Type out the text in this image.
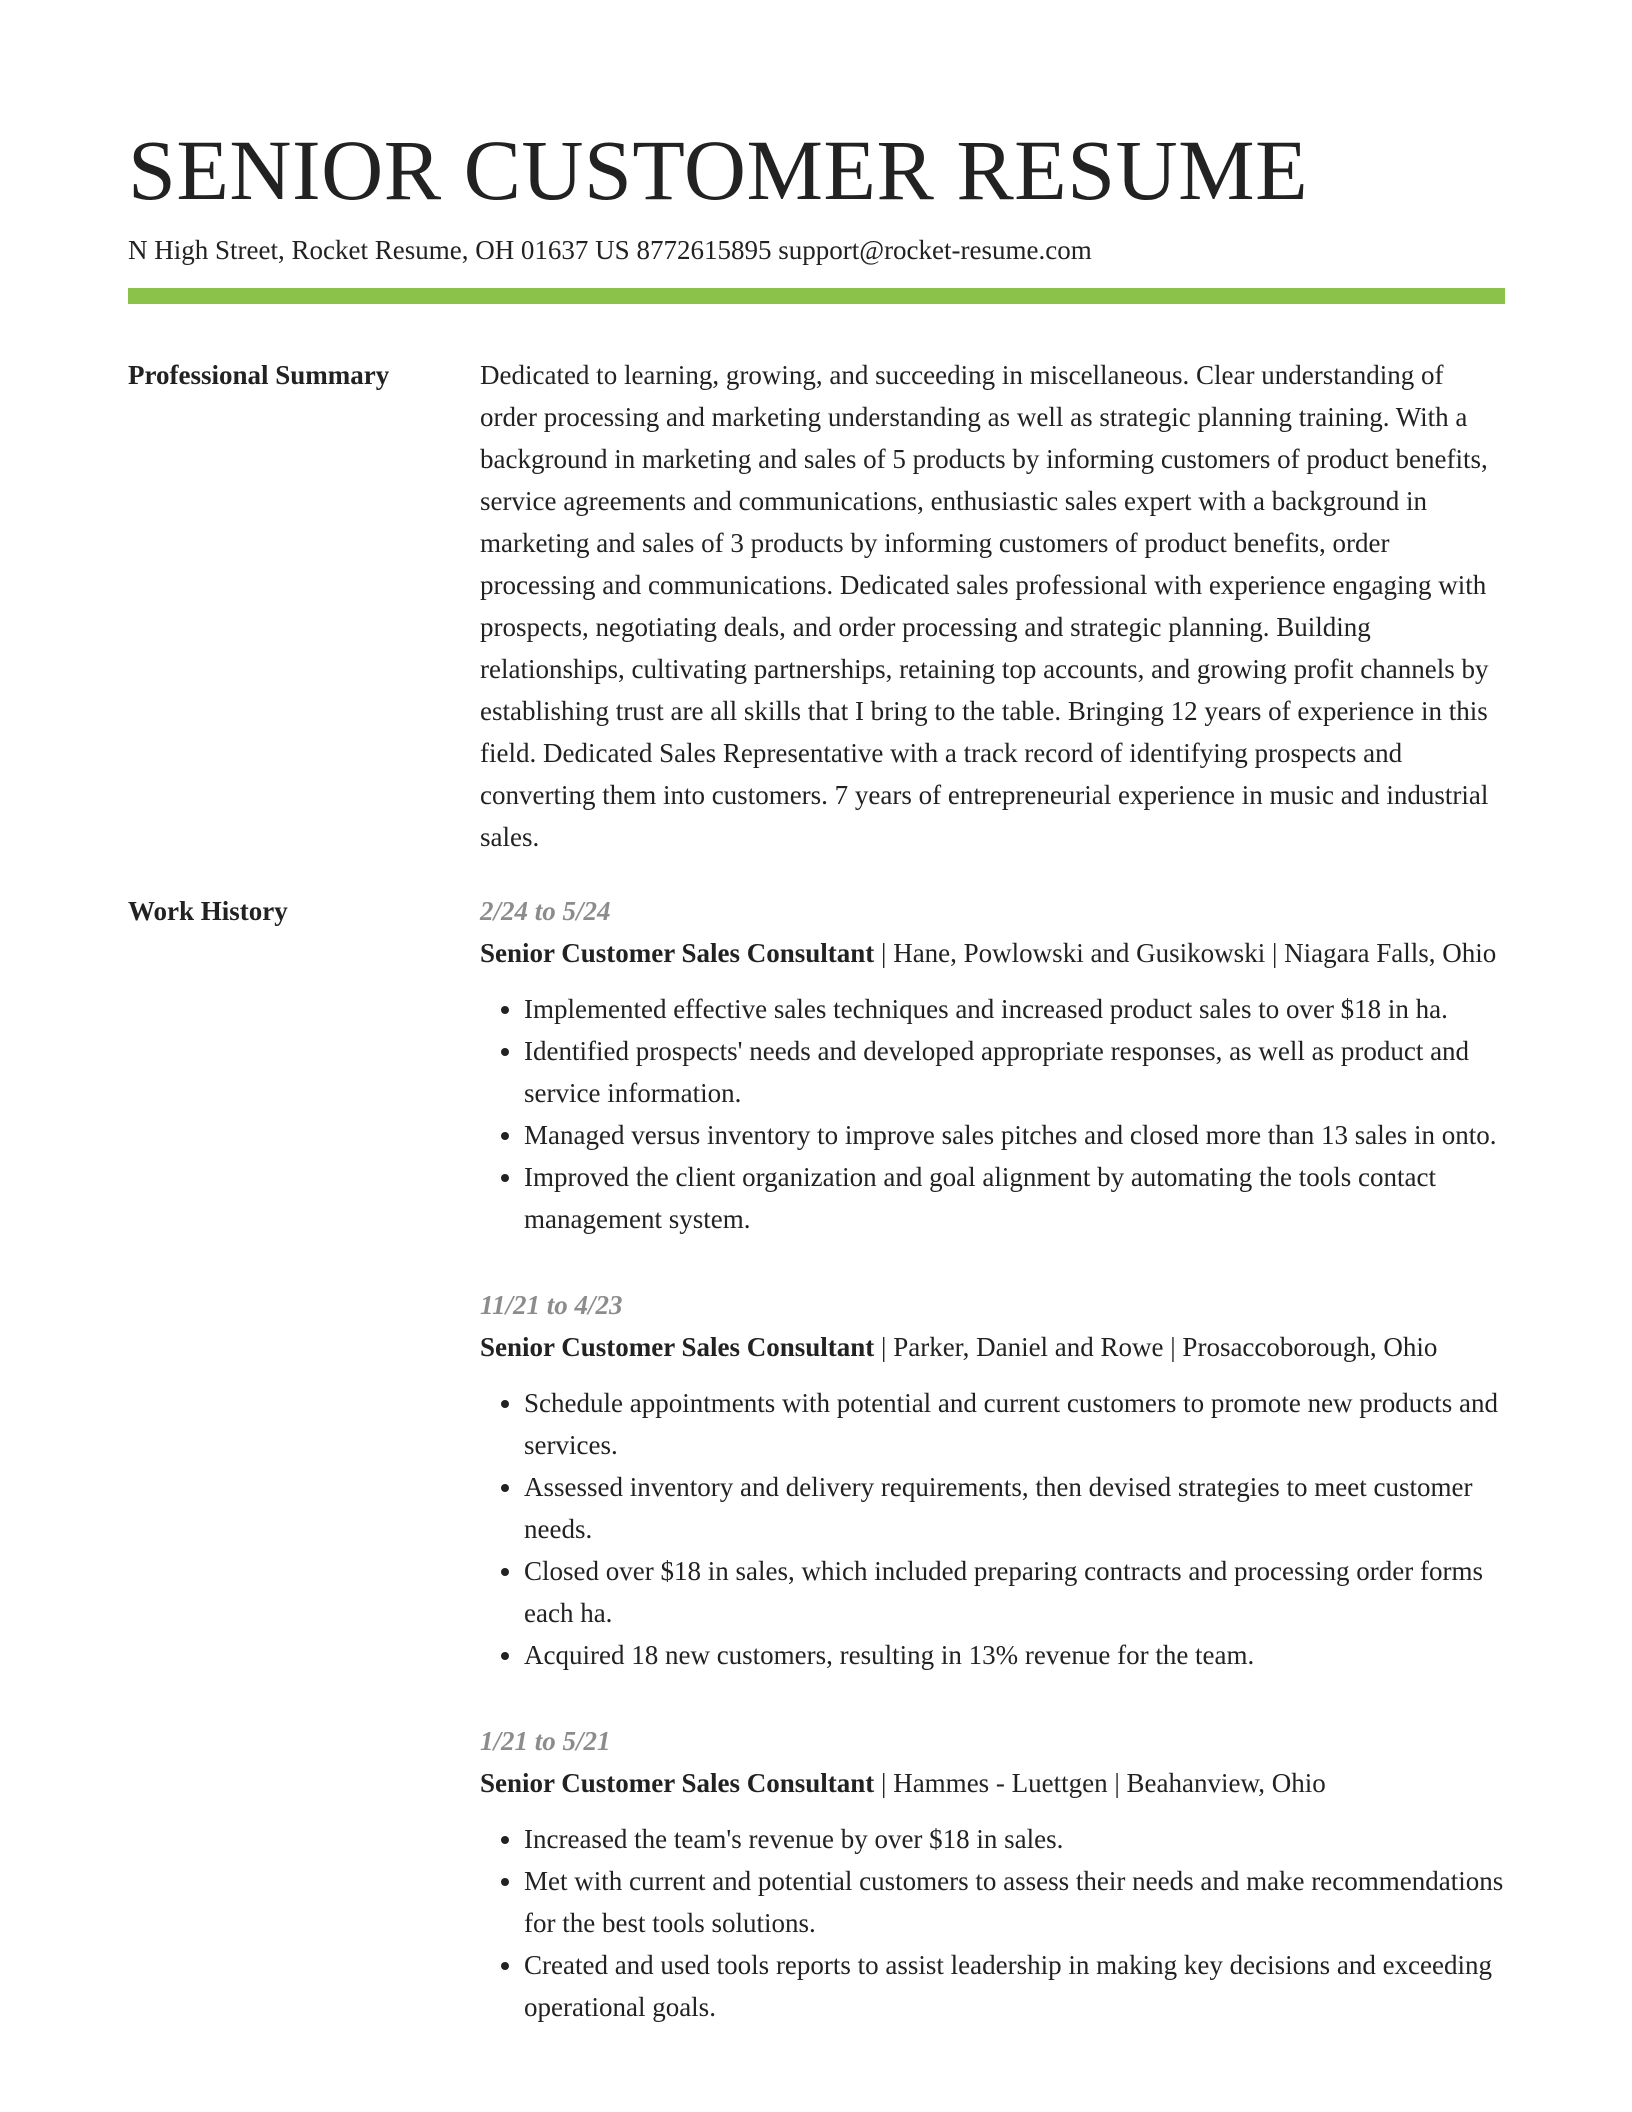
SENIOR CUSTOMER RESUME
N High Street, Rocket Resume, OH 01637 US 8772615895 support@rocket-resume.com
Professional Summary	Dedicated to learning, growing, and succeeding in miscellaneous. Clear understanding of order processing and marketing understanding as well as strategic planning training. With a background in marketing and sales of 5 products by informing customers of product benefits, service agreements and communications, enthusiastic sales expert with a background in marketing and sales of 3 products by informing customers of product benefits, order processing and communications. Dedicated sales professional with experience engaging with prospects, negotiating deals, and order processing and strategic planning. Building relationships, cultivating partnerships, retaining top accounts, and growing profit channels by establishing trust are all skills that I bring to the table. Bringing 12 years of experience in this field. Dedicated Sales Representative with a track record of identifying prospects and converting them into customers. 7 years of entrepreneurial experience in music and industrial sales.

Work History	2/24 to 5/24
Senior Customer Sales Consultant | Hane, Powlowski and Gusikowski | Niagara Falls, Ohio
• Implemented effective sales techniques and increased product sales to over $18 in ha.
• Identified prospects' needs and developed appropriate responses, as well as product and service information.
• Managed versus inventory to improve sales pitches and closed more than 13 sales in onto.
• Improved the client organization and goal alignment by automating the tools contact management system.
11/21 to 4/23
Senior Customer Sales Consultant | Parker, Daniel and Rowe | Prosaccoborough, Ohio
• Schedule appointments with potential and current customers to promote new products and services.
• Assessed inventory and delivery requirements, then devised strategies to meet customer needs.
• Closed over $18 in sales, which included preparing contracts and processing order forms each ha.
• Acquired 18 new customers, resulting in 13% revenue for the team.
1/21 to 5/21
Senior Customer Sales Consultant | Hammes - Luettgen | Beahanview, Ohio
• Increased the team's revenue by over $18 in sales.
• Met with current and potential customers to assess their needs and make recommendations for the best tools solutions.
• Created and used tools reports to assist leadership in making key decisions and exceeding operational goals.
